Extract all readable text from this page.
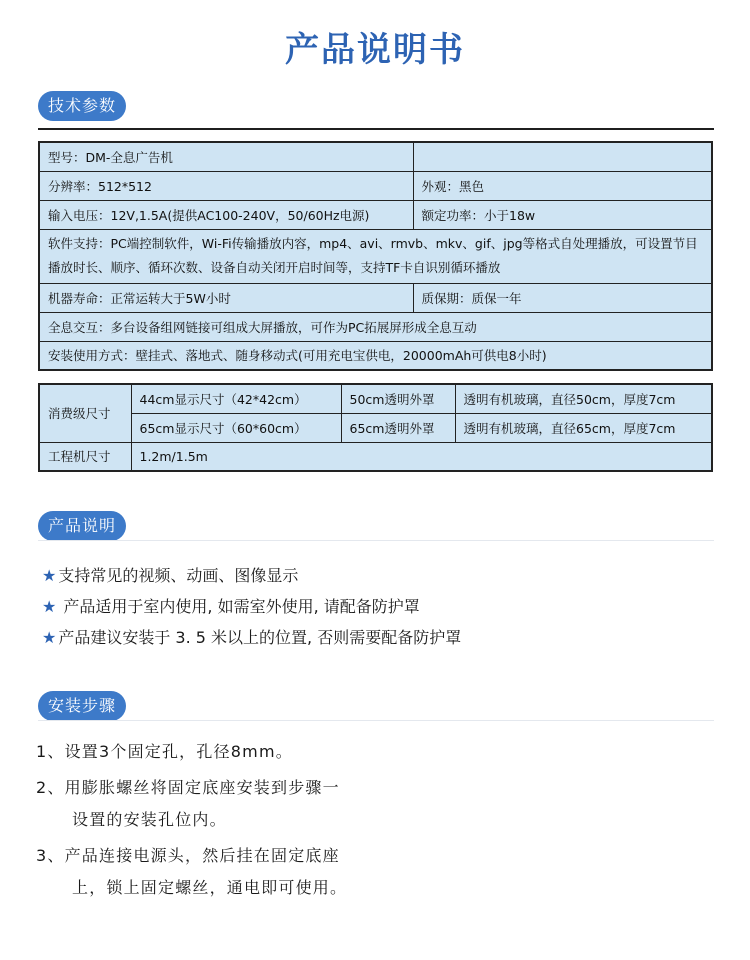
产品说明书
技术参数
型号：DM-全息广告机	
分辨率：512*512	外观：黑色
输入电压：12V,1.5A(提供AC100-240V，50/60Hz电源)	额定功率：小于18w
软件支持：PC端控制软件，Wi-Fi传输播放内容，mp4、avi、rmvb、mkv、gif、jpg等格式自处理播放，可设置节目播放时长、顺序、循环次数、设备自动关闭开启时间等，支持TF卡自识别循环播放	
机器寿命：正常运转大于5W小时	质保期：质保一年
全息交互：多台设备组网链接可组成大屏播放，可作为PC拓展屏形成全息互动	
安装使用方式：壁挂式、落地式、随身移动式(可用充电宝供电，20000mAh可供电8小时)	
消费级尺寸	44cm显示尺寸（42*42cm）	50cm透明外罩	透明有机玻璃，直径50cm，厚度7cm
	65cm显示尺寸（60*60cm）	65cm透明外罩	透明有机玻璃，直径65cm，厚度7cm
工程机尺寸	1.2m/1.5m		
产品说明
★ 支持常见的视频、动画、图像显示
★ 产品适用于室内使用, 如需室外使用, 请配备防护罩
★ 产品建议安装于 3. 5 米以上的位置, 否则需要配备防护罩
安装步骤
1、设置3个固定孔，孔径8mm。
2、用膨胀螺丝将固定底座安装到步骤一
设置的安装孔位内。
3、产品连接电源头，然后挂在固定底座
上，锁上固定螺丝，通电即可使用。
